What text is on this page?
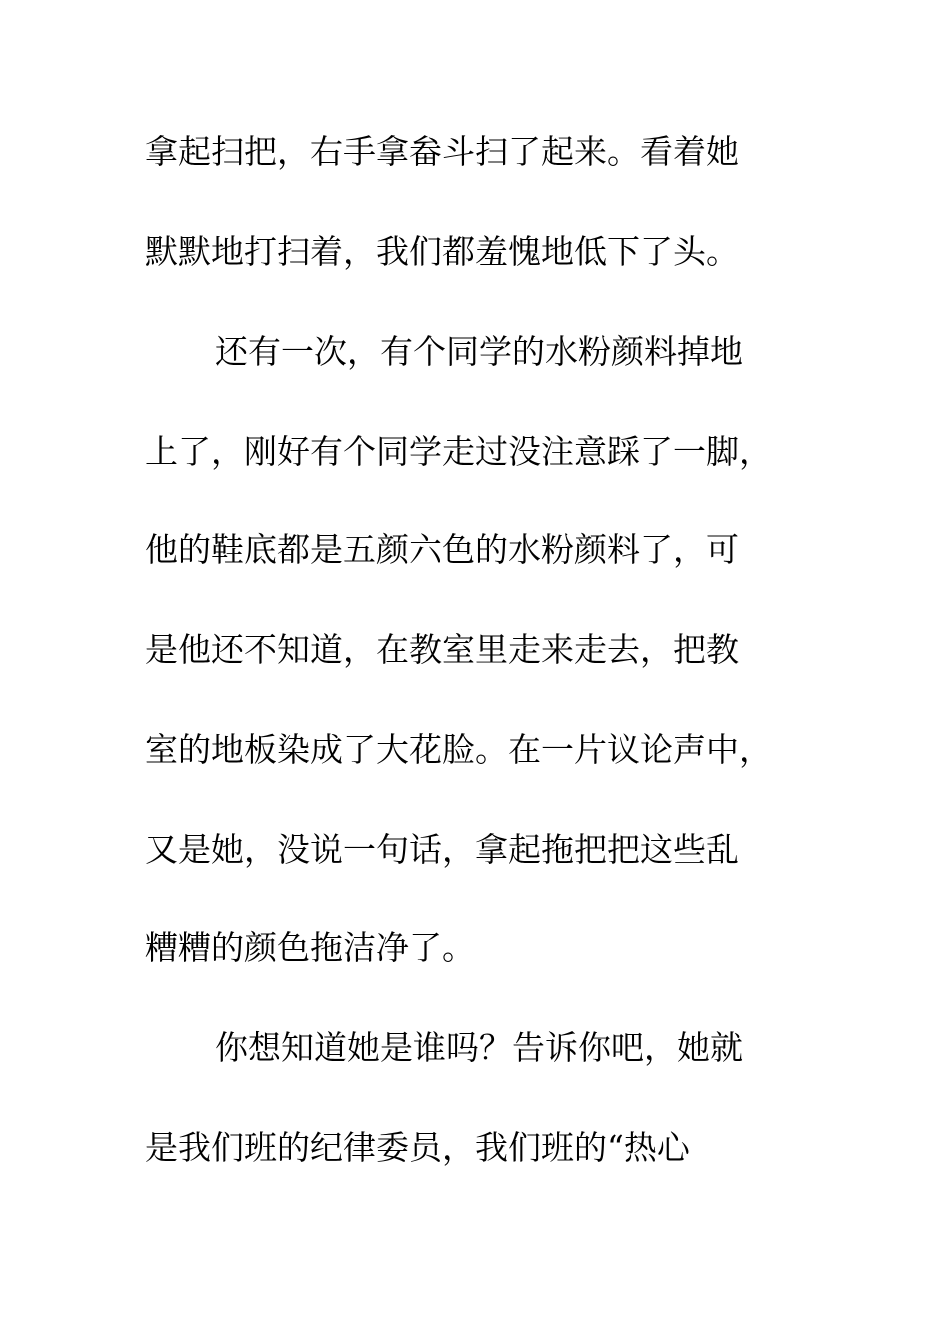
拿起扫把，右手拿畚斗扫了起来。看着她
默默地打扫着，我们都羞愧地低下了头。
还有一次，有个同学的水粉颜料掉地
上了，刚好有个同学走过没注意踩了一脚，
他的鞋底都是五颜六色的水粉颜料了，可
是他还不知道，在教室里走来走去，把教
室的地板染成了大花脸。在一片议论声中，
又是她，没说一句话，拿起拖把把这些乱
糟糟的颜色拖洁净了。
你想知道她是谁吗？告诉你吧，她就
是我们班的纪律委员，我们班的“热心
